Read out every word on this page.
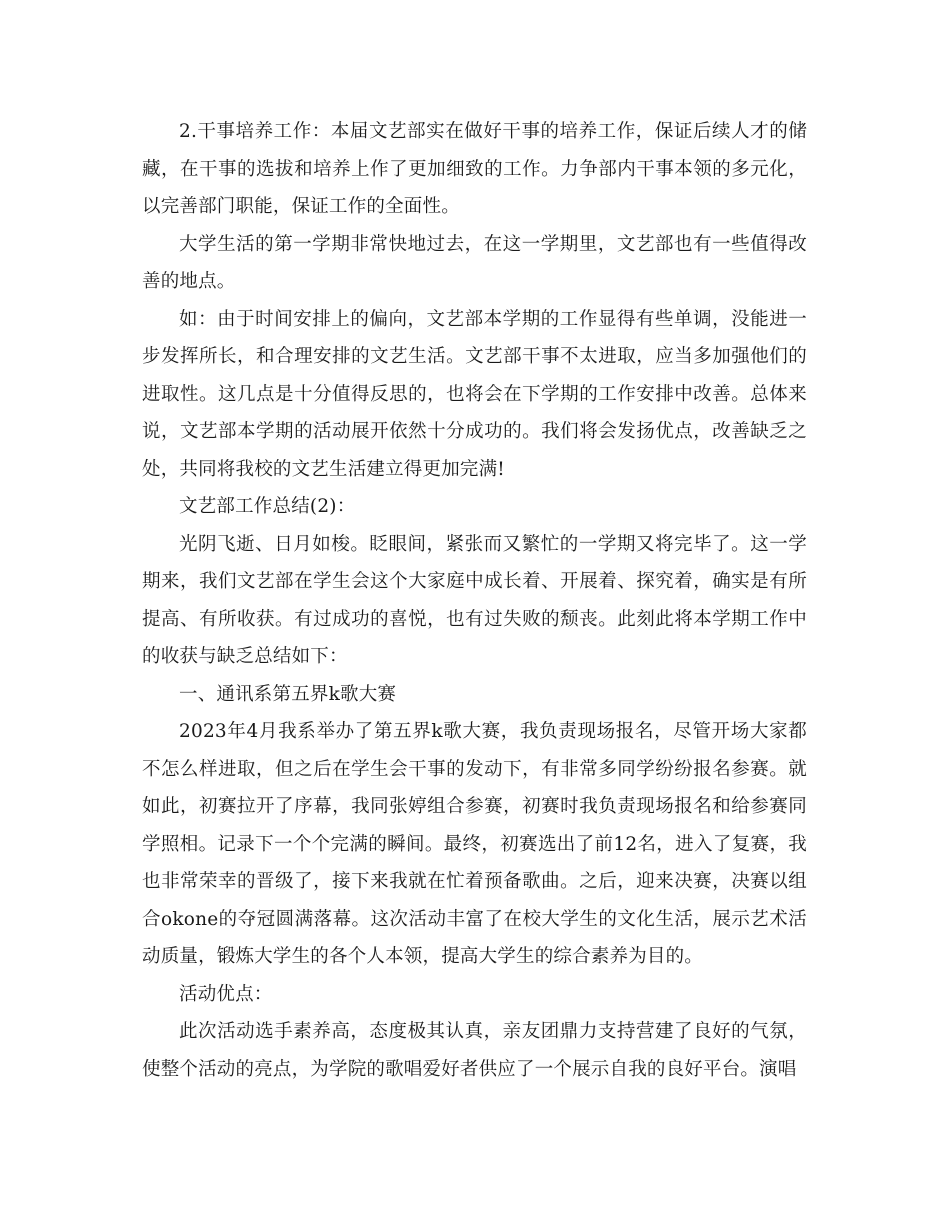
2.干事培养工作：本届文艺部实在做好干事的培养工作，保证后续人才的储藏，在干事的选拔和培养上作了更加细致的工作。力争部内干事本领的多元化，以完善部门职能，保证工作的全面性。

大学生活的第一学期非常快地过去，在这一学期里，文艺部也有一些值得改善的地点。

如：由于时间安排上的偏向，文艺部本学期的工作显得有些单调，没能进一步发挥所长，和合理安排的文艺生活。文艺部干事不太进取，应当多加强他们的进取性。这几点是十分值得反思的，也将会在下学期的工作安排中改善。总体来说，文艺部本学期的活动展开依然十分成功的。我们将会发扬优点，改善缺乏之处，共同将我校的文艺生活建立得更加完满!

文艺部工作总结(2)：

光阴飞逝、日月如梭。眨眼间，紧张而又繁忙的一学期又将完毕了。这一学期来，我们文艺部在学生会这个大家庭中成长着、开展着、探究着，确实是有所提高、有所收获。有过成功的喜悦，也有过失败的颓丧。此刻此将本学期工作中的收获与缺乏总结如下：

一、通讯系第五界k歌大赛

2023年4月我系举办了第五界k歌大赛，我负责现场报名，尽管开场大家都不怎么样进取，但之后在学生会干事的发动下，有非常多同学纷纷报名参赛。就如此，初赛拉开了序幕，我同张婷组合参赛，初赛时我负责现场报名和给参赛同学照相。记录下一个个完满的瞬间。最终，初赛选出了前12名，进入了复赛，我也非常荣幸的晋级了，接下来我就在忙着预备歌曲。之后，迎来决赛，决赛以组合okone的夺冠圆满落幕。这次活动丰富了在校大学生的文化生活，展示艺术活动质量，锻炼大学生的各个人本领，提高大学生的综合素养为目的。

活动优点：

此次活动选手素养高，态度极其认真，亲友团鼎力支持营建了良好的气氛，使整个活动的亮点，为学院的歌唱爱好者供应了一个展示自我的良好平台。演唱
